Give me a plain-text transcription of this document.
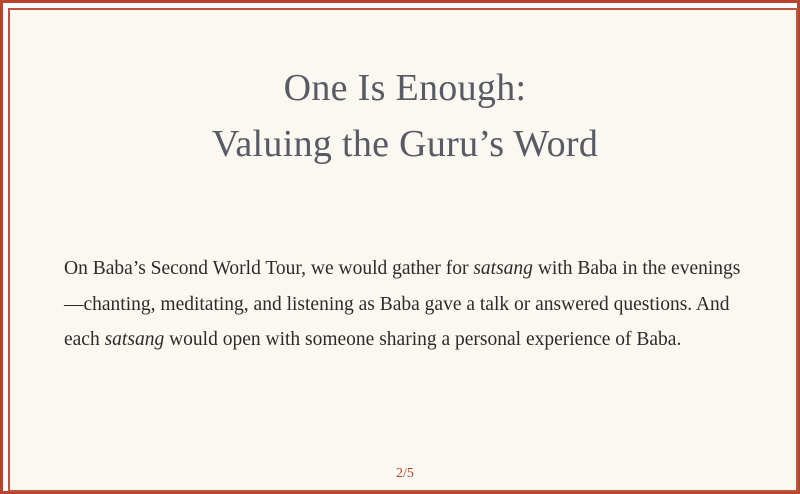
One Is Enough:
Valuing the Guru’s Word

On Baba’s Second World Tour, we would gather for satsang with Baba in the evenings—chanting, meditating, and listening as Baba gave a talk or answered questions. And each satsang would open with someone sharing a personal experience of Baba.

2/5
